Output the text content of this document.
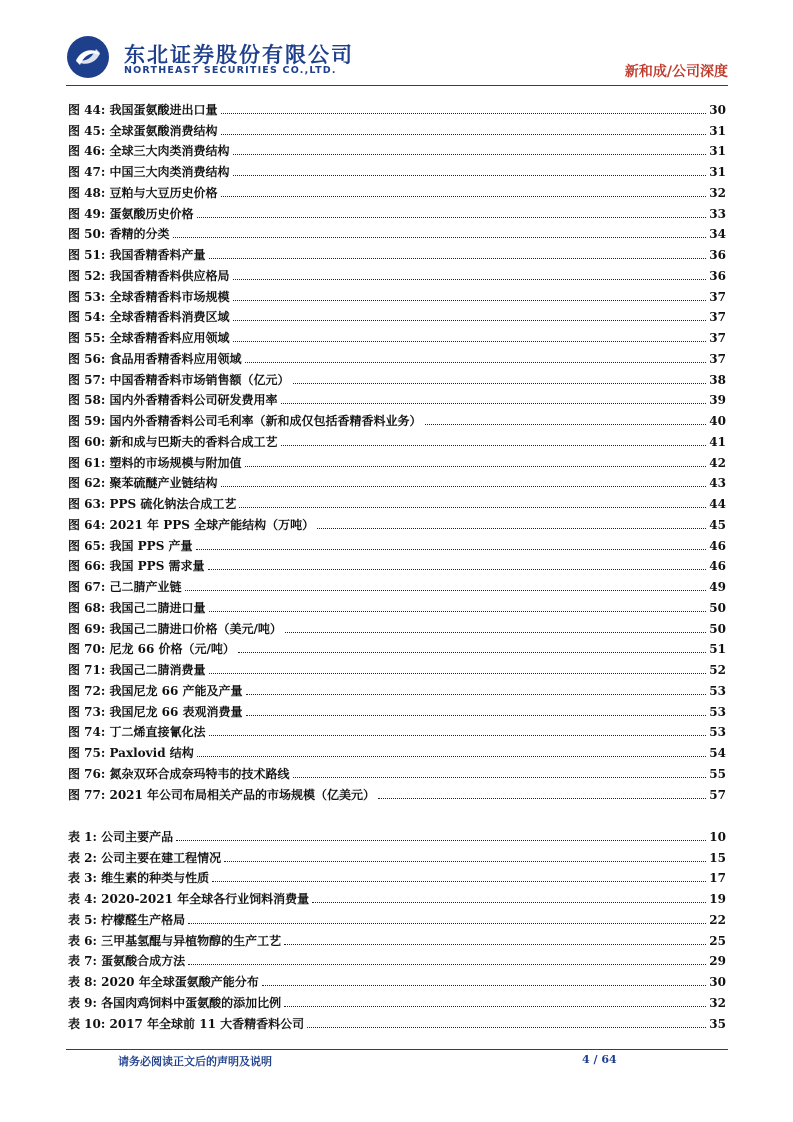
东北证券股份有限公司
NORTHEAST SECURITIES CO.,LTD.	新和成/公司深度
图 44: 我国蛋氨酸进出口量	30
图 45: 全球蛋氨酸消费结构	31
图 46: 全球三大肉类消费结构	31
图 47: 中国三大肉类消费结构	31
图 48: 豆粕与大豆历史价格	32
图 49: 蛋氨酸历史价格	33
图 50: 香精的分类	34
图 51: 我国香精香料产量	36
图 52: 我国香精香料供应格局	36
图 53: 全球香精香料市场规模	37
图 54: 全球香精香料消费区域	37
图 55: 全球香精香料应用领域	37
图 56: 食品用香精香料应用领域	37
图 57: 中国香精香料市场销售额（亿元）	38
图 58: 国内外香精香料公司研发费用率	39
图 59: 国内外香精香料公司毛利率（新和成仅包括香精香料业务）	40
图 60: 新和成与巴斯夫的香料合成工艺	41
图 61: 塑料的市场规模与附加值	42
图 62: 聚苯硫醚产业链结构	43
图 63: PPS 硫化钠法合成工艺	44
图 64: 2021 年 PPS 全球产能结构（万吨）	45
图 65: 我国 PPS 产量	46
图 66: 我国 PPS 需求量	46
图 67: 己二腈产业链	49
图 68: 我国己二腈进口量	50
图 69: 我国己二腈进口价格（美元/吨）	50
图 70: 尼龙 66 价格（元/吨）	51
图 71: 我国己二腈消费量	52
图 72: 我国尼龙 66 产能及产量	53
图 73: 我国尼龙 66 表观消费量	53
图 74: 丁二烯直接氰化法	53
图 75: Paxlovid 结构	54
图 76: 氮杂双环合成奈玛特韦的技术路线	55
图 77: 2021 年公司布局相关产品的市场规模（亿美元）	57
表 1: 公司主要产品	10
表 2: 公司主要在建工程情况	15
表 3: 维生素的种类与性质	17
表 4: 2020-2021 年全球各行业饲料消费量	19
表 5: 柠檬醛生产格局	22
表 6: 三甲基氢醌与异植物醇的生产工艺	25
表 7: 蛋氨酸合成方法	29
表 8: 2020 年全球蛋氨酸产能分布	30
表 9: 各国肉鸡饲料中蛋氨酸的添加比例	32
表 10: 2017 年全球前 11 大香精香料公司	35
请务必阅读正文后的声明及说明	4 / 64
